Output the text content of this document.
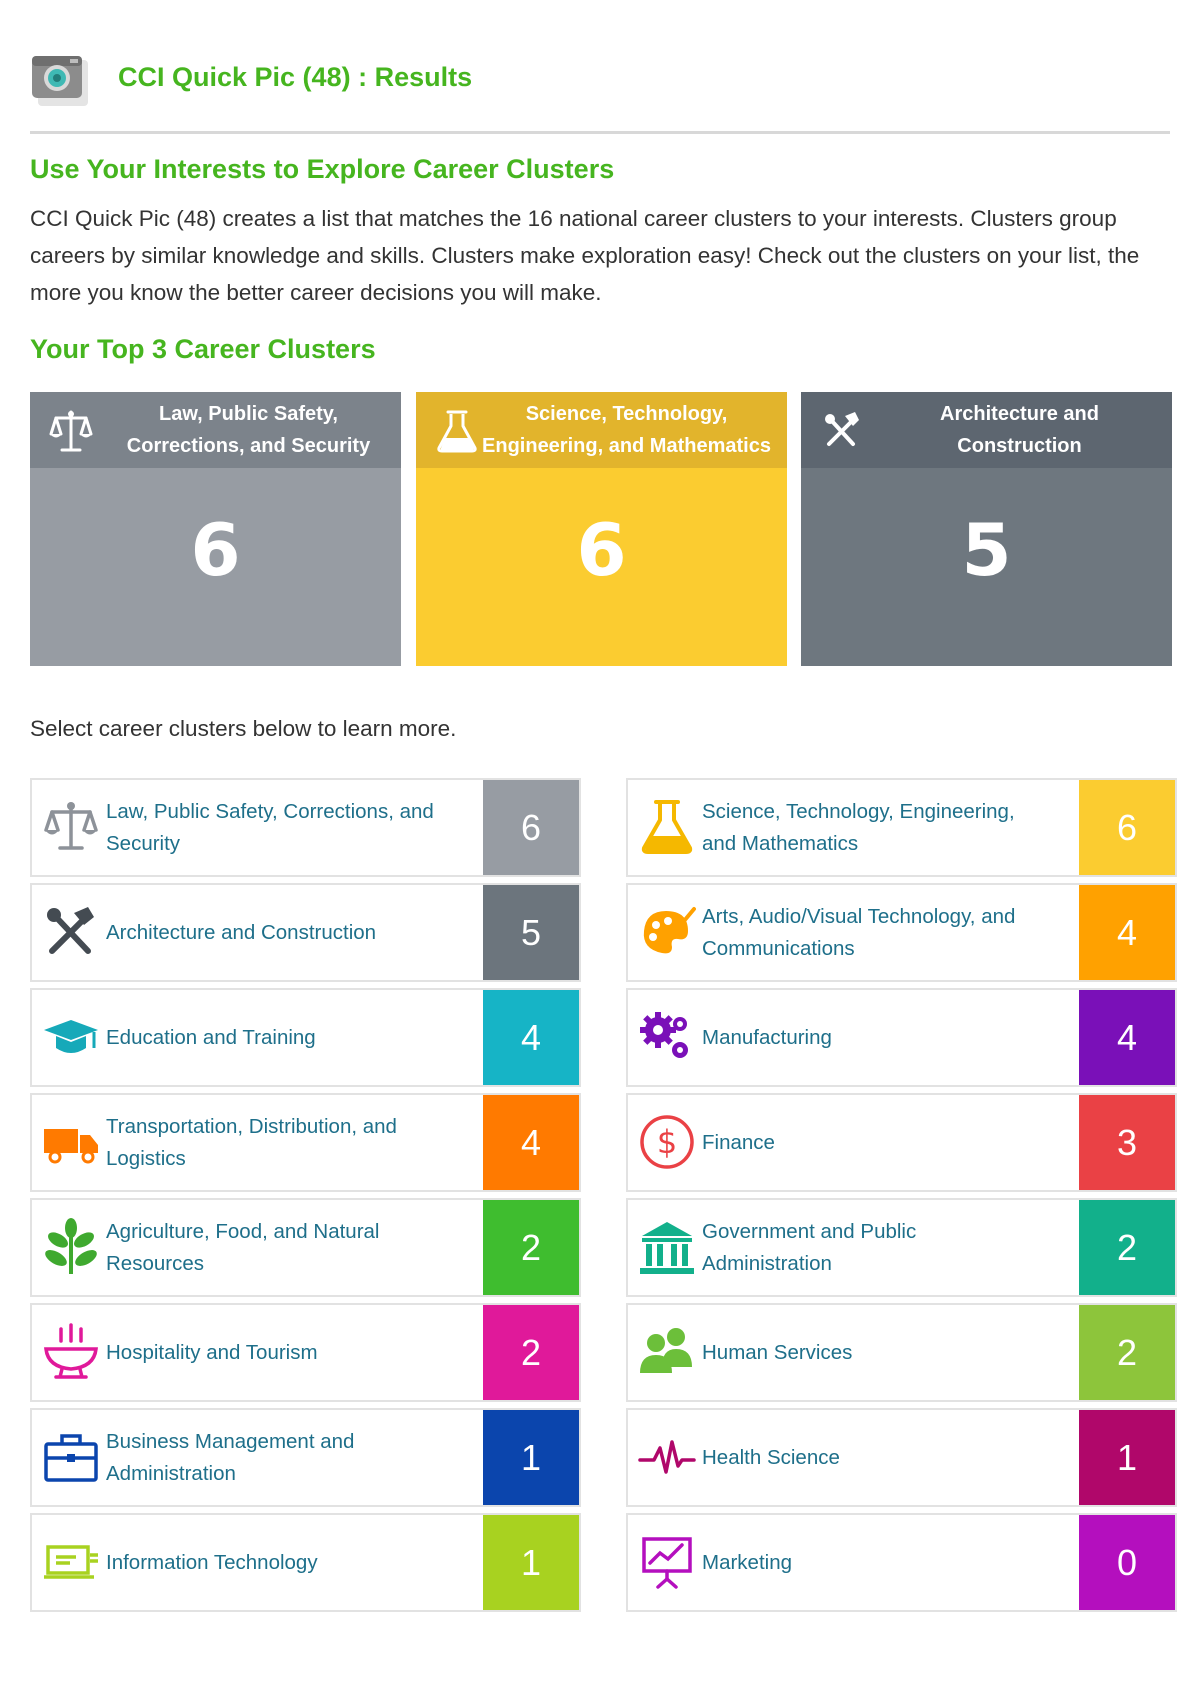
CCI Quick Pic (48) : Results
Use Your Interests to Explore Career Clusters
CCI Quick Pic (48) creates a list that matches the 16 national career clusters to your interests. Clusters group careers by similar knowledge and skills. Clusters make exploration easy! Check out the clusters on your list, the more you know the better career decisions you will make.
Your Top 3 Career Clusters
Law, Public Safety, Corrections, and Security
6
Science, Technology, Engineering, and Mathematics
6
Architecture and Construction
5
Select career clusters below to learn more.
Law, Public Safety, Corrections, and Security	6
Architecture and Construction	5
Education and Training	4
Transportation, Distribution, and Logistics	4
Agriculture, Food, and Natural Resources	2
Hospitality and Tourism	2
Business Management and Administration	1
Information Technology	1
Science, Technology, Engineering, and Mathematics	6
Arts, Audio/Visual Technology, and Communications	4
Manufacturing	4
$ Finance	3
Government and Public Administration	2
Human Services	2
Health Science	1
Marketing	0
